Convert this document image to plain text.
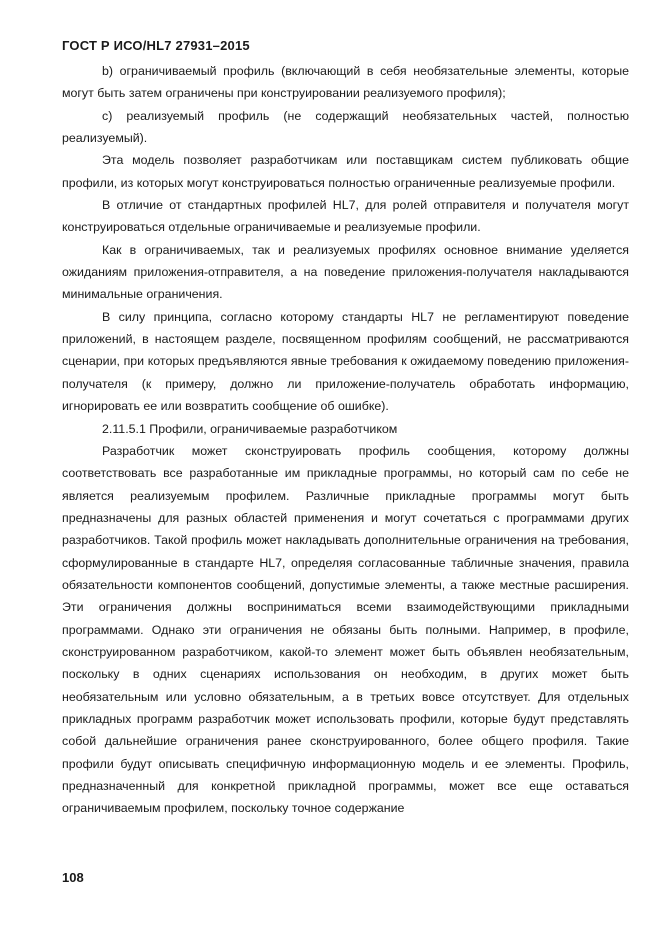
ГОСТ Р ИСО/HL7 27931–2015

b) ограничиваемый профиль (включающий в себя необязательные элементы, которые могут быть затем ограничены при конструировании реализуемого профиля);

c) реализуемый профиль (не содержащий необязательных частей, полностью реализуемый).

Эта модель позволяет разработчикам или поставщикам систем публиковать общие профили, из которых могут конструироваться полностью ограниченные реализуемые профили.

В отличие от стандартных профилей HL7, для ролей отправителя и получателя могут конструироваться отдельные ограничиваемые и реализуемые профили.

Как в ограничиваемых, так и реализуемых профилях основное внимание уделяется ожиданиям приложения-отправителя, а на поведение приложения-получателя накладываются минимальные ограничения.

В силу принципа, согласно которому стандарты HL7 не регламентируют поведение приложений, в настоящем разделе, посвященном профилям сообщений, не рассматриваются сценарии, при которых предъявляются явные требования к ожидаемому поведению приложения-получателя (к примеру, должно ли приложение-получатель обработать информацию, игнорировать ее или возвратить сообщение об ошибке).

2.11.5.1 Профили, ограничиваемые разработчиком

Разработчик может сконструировать профиль сообщения, которому должны соответствовать все разработанные им прикладные программы, но который сам по себе не является реализуемым профилем. Различные прикладные программы могут быть предназначены для разных областей применения и могут сочетаться с программами других разработчиков. Такой профиль может накладывать дополнительные ограничения на требования, сформулированные в стандарте HL7, определяя согласованные табличные значения, правила обязательности компонентов сообщений, допустимые элементы, а также местные расширения. Эти ограничения должны восприниматься всеми взаимодействующими прикладными программами. Однако эти ограничения не обязаны быть полными. Например, в профиле, сконструированном разработчиком, какой-то элемент может быть объявлен необязательным, поскольку в одних сценариях использования он необходим, в других может быть необязательным или условно обязательным, а в третьих вовсе отсутствует. Для отдельных прикладных программ разработчик может использовать профили, которые будут представлять собой дальнейшие ограничения ранее сконструированного, более общего профиля. Такие профили будут описывать специфичную информационную модель и ее элементы. Профиль, предназначенный для конкретной прикладной программы, может все еще оставаться ограничиваемым профилем, поскольку точное содержание

108
